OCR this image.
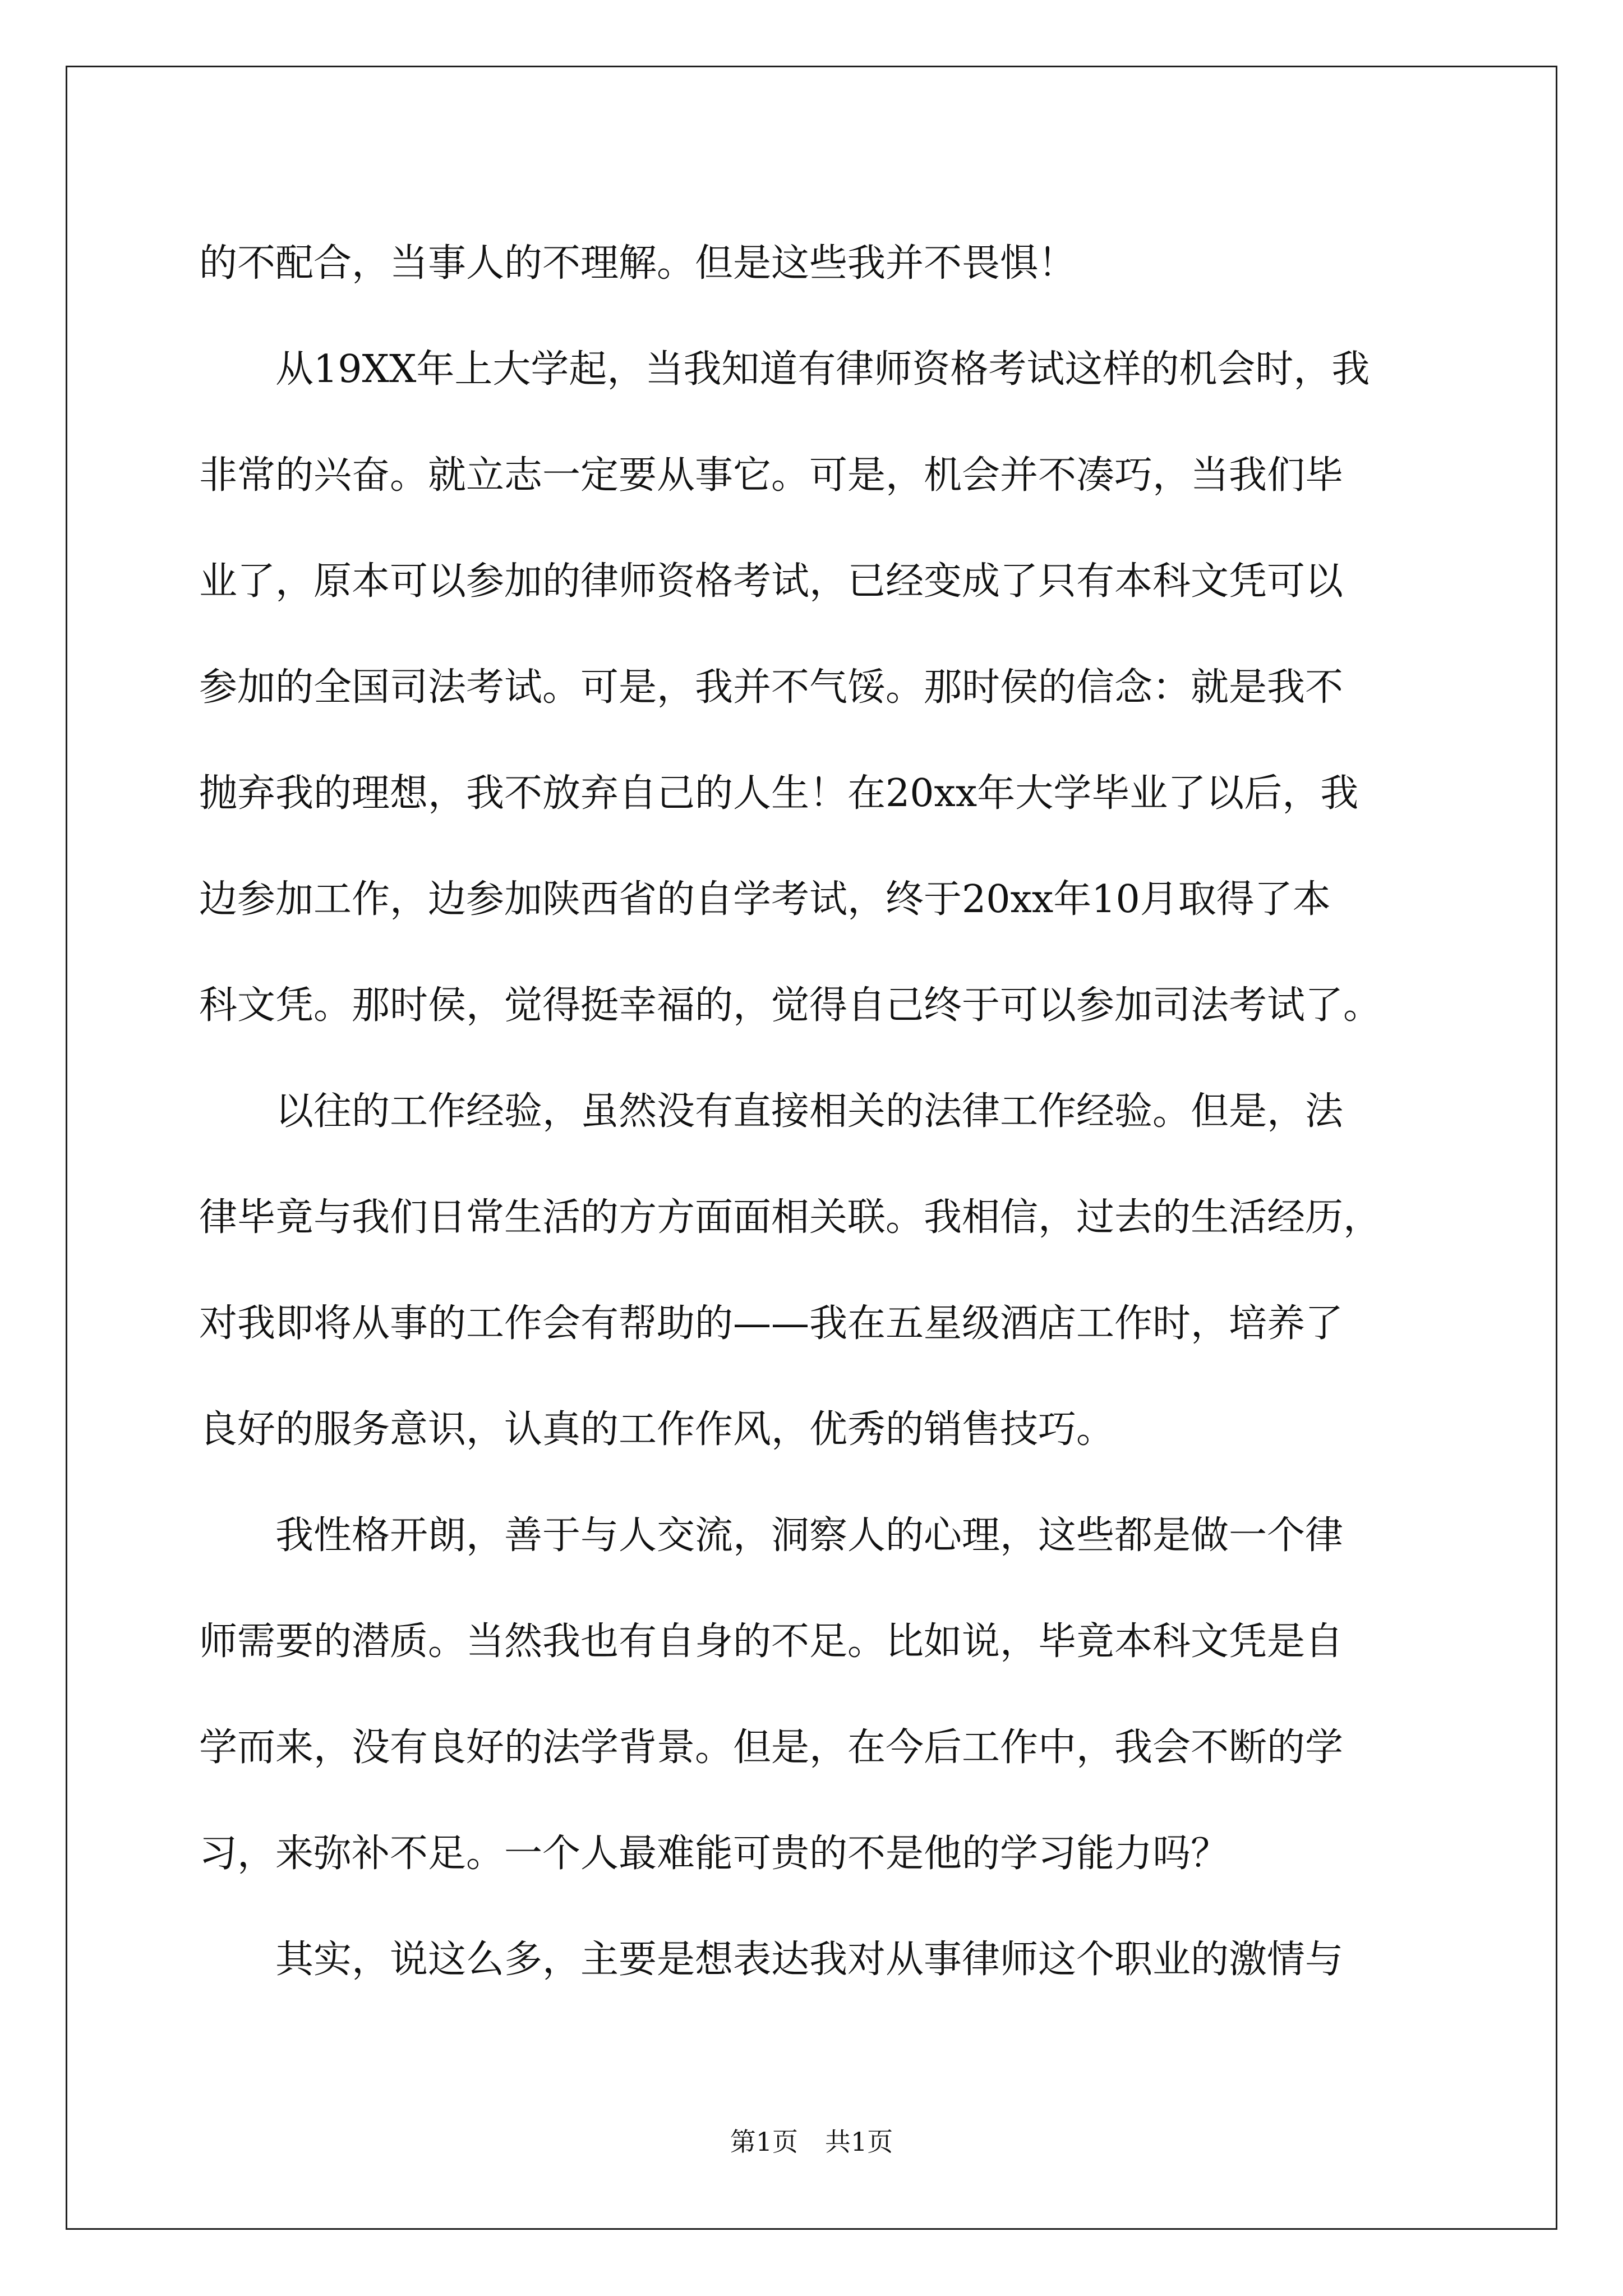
的不配合，当事人的不理解。但是这些我并不畏惧！
　　从19XX年上大学起，当我知道有律师资格考试这样的机会时，我
非常的兴奋。就立志一定要从事它。可是，机会并不凑巧，当我们毕
业了，原本可以参加的律师资格考试，已经变成了只有本科文凭可以
参加的全国司法考试。可是，我并不气馁。那时侯的信念：就是我不
抛弃我的理想，我不放弃自己的人生！在20xx年大学毕业了以后，我
边参加工作，边参加陕西省的自学考试，终于20xx年10月取得了本
科文凭。那时侯，觉得挺幸福的，觉得自己终于可以参加司法考试了。
　　以往的工作经验，虽然没有直接相关的法律工作经验。但是，法
律毕竟与我们日常生活的方方面面相关联。我相信，过去的生活经历，
对我即将从事的工作会有帮助的——我在五星级酒店工作时，培养了
良好的服务意识，认真的工作作风，优秀的销售技巧。
　　我性格开朗，善于与人交流，洞察人的心理，这些都是做一个律
师需要的潜质。当然我也有自身的不足。比如说，毕竟本科文凭是自
学而来，没有良好的法学背景。但是，在今后工作中，我会不断的学
习，来弥补不足。一个人最难能可贵的不是他的学习能力吗？
　　其实，说这么多，主要是想表达我对从事律师这个职业的激情与
第1页 共1页
